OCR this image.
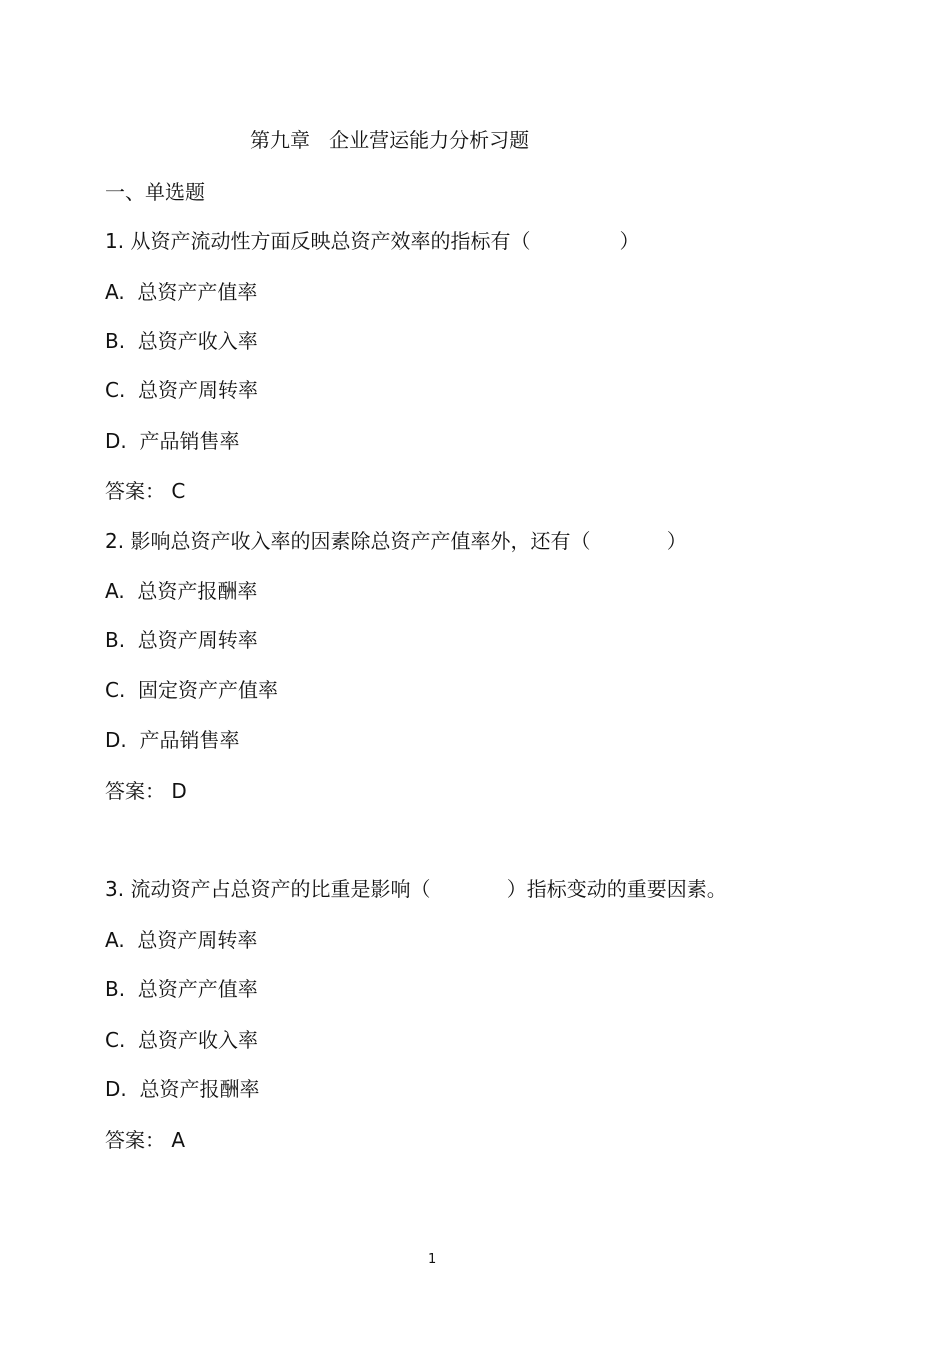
第九章   企业营运能力分析习题
一、单选题
1. 从资产流动性方面反映总资产效率的指标有（              ）
A.  总资产产值率
B.  总资产收入率
C.  总资产周转率
D.  产品销售率
答案： C
2. 影响总资产收入率的因素除总资产产值率外，还有（            ）
A.  总资产报酬率
B.  总资产周转率
C.  固定资产产值率
D.  产品销售率
答案： D
3. 流动资产占总资产的比重是影响（            ）指标变动的重要因素。
A.  总资产周转率
B.  总资产产值率
C.  总资产收入率
D.  总资产报酬率
答案： A
1
